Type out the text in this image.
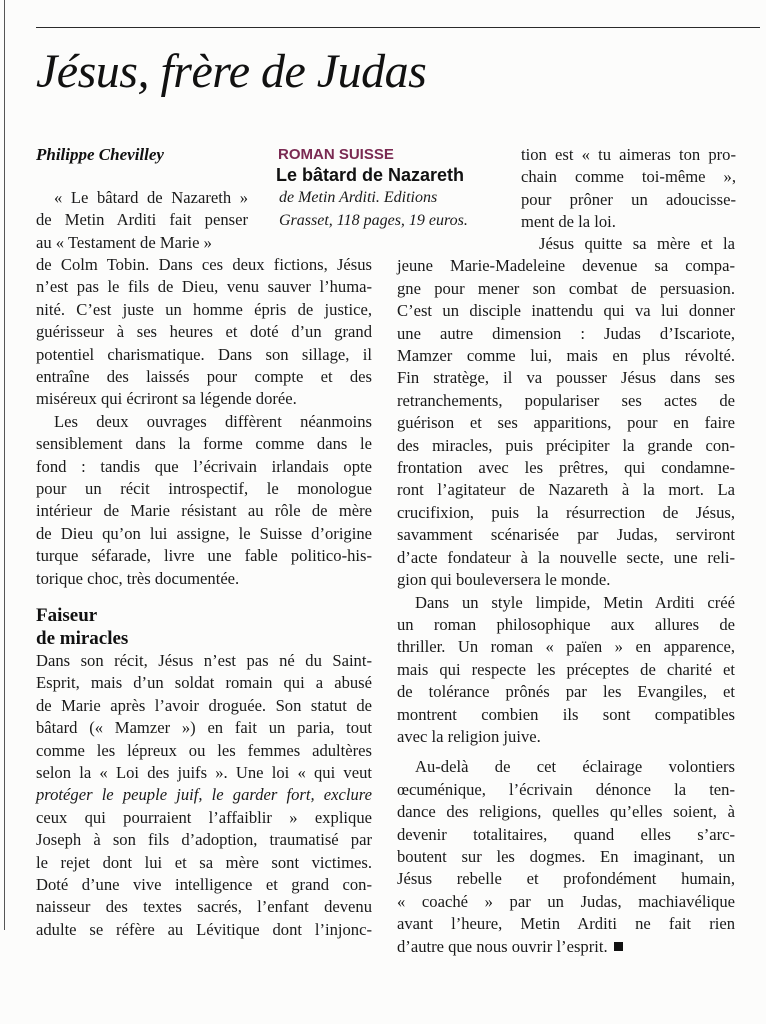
Jésus, frère de Judas

Philippe Chevilley	ROMAN SUISSE

Le bâtard de Nazareth

de Metin Arditi. Editions
Grasset, 118 pages, 19 euros.

« Le bâtard de Nazareth »
de Metin Arditi fait penser
au « Testament de Marie »
de Colm Tobin. Dans ces deux fictions, Jésus
n’est pas le fils de Dieu, venu sauver l’huma-
nité. C’est juste un homme épris de justice,
guérisseur à ses heures et doté d’un grand
potentiel charismatique. Dans son sillage, il
entraîne des laissés pour compte et des
miséreux qui écriront sa légende dorée.
Les deux ouvrages diffèrent néanmoins
sensiblement dans la forme comme dans le
fond : tandis que l’écrivain irlandais opte
pour un récit introspectif, le monologue
intérieur de Marie résistant au rôle de mère
de Dieu qu’on lui assigne, le Suisse d’origine
turque séfarade, livre une fable politico-his-
torique choc, très documentée.
Faiseur
de miracles
Dans son récit, Jésus n’est pas né du Saint-
Esprit, mais d’un soldat romain qui a abusé
de Marie après l’avoir droguée. Son statut de
bâtard (« Mamzer ») en fait un paria, tout
comme les lépreux ou les femmes adultères
selon la « Loi des juifs ». Une loi « qui veut
protéger le peuple juif, le garder fort, exclure
ceux qui pourraient l’affaiblir » explique
Joseph à son fils d’adoption, traumatisé par
le rejet dont lui et sa mère sont victimes.
Doté d’une vive intelligence et grand con-
naisseur des textes sacrés, l’enfant devenu
adulte se réfère au Lévitique dont l’injonc-
tion est « tu aimeras ton pro-
chain comme toi-même »,
pour prôner un adoucisse-
ment de la loi.
Jésus quitte sa mère et la
jeune Marie-Madeleine devenue sa compa-
gne pour mener son combat de persuasion.
C’est un disciple inattendu qui va lui donner
une autre dimension : Judas d’Iscariote,
Mamzer comme lui, mais en plus révolté.
Fin stratège, il va pousser Jésus dans ses
retranchements, populariser ses actes de
guérison et ses apparitions, pour en faire
des miracles, puis précipiter la grande con-
frontation avec les prêtres, qui condamne-
ront l’agitateur de Nazareth à la mort. La
crucifixion, puis la résurrection de Jésus,
savamment scénarisée par Judas, serviront
d’acte fondateur à la nouvelle secte, une reli-
gion qui bouleversera le monde.
Dans un style limpide, Metin Arditi créé
un roman philosophique aux allures de
thriller. Un roman « païen » en apparence,
mais qui respecte les préceptes de charité et
de tolérance prônés par les Evangiles, et
montrent combien ils sont compatibles
avec la religion juive.
Au-delà de cet éclairage volontiers
œcuménique, l’écrivain dénonce la ten-
dance des religions, quelles qu’elles soient, à
devenir totalitaires, quand elles s’arc-
boutent sur les dogmes. En imaginant, un
Jésus rebelle et profondément humain,
« coaché » par un Judas, machiavélique
avant l’heure, Metin Arditi ne fait rien
d’autre que nous ouvrir l’esprit.
